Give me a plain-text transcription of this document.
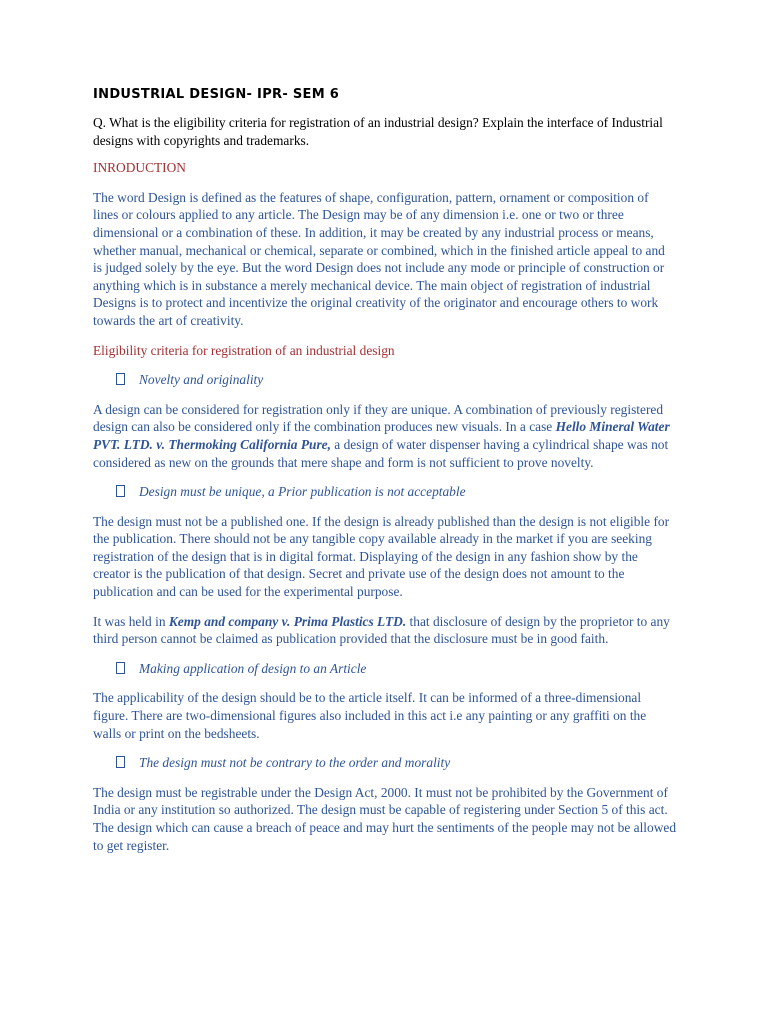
INDUSTRIAL DESIGN- IPR- SEM 6

Q. What is the eligibility criteria for registration of an industrial design? Explain the interface of Industrial designs with copyrights and trademarks.

INRODUCTION

The word Design is defined as the features of shape, configuration, pattern, ornament or composition of lines or colours applied to any article. The Design may be of any dimension i.e. one or two or three dimensional or a combination of these. In addition, it may be created by any industrial process or means, whether manual, mechanical or chemical, separate or combined, which in the finished article appeal to and is judged solely by the eye. But the word Design does not include any mode or principle of construction or anything which is in substance a merely mechanical device. The main object of registration of industrial Designs is to protect and incentivize the original creativity of the originator and encourage others to work towards the art of creativity.

Eligibility criteria for registration of an industrial design

Novelty and originality

A design can be considered for registration only if they are unique. A combination of previously registered design can also be considered only if the combination produces new visuals. In a case Hello Mineral Water PVT. LTD. v. Thermoking California Pure, a design of water dispenser having a cylindrical shape was not considered as new on the grounds that mere shape and form is not sufficient to prove novelty.

Design must be unique, a Prior publication is not acceptable

The design must not be a published one. If the design is already published than the design is not eligible for the publication. There should not be any tangible copy available already in the market if you are seeking registration of the design that is in digital format. Displaying of the design in any fashion show by the creator is the publication of that design. Secret and private use of the design does not amount to the publication and can be used for the experimental purpose.

It was held in Kemp and company v. Prima Plastics LTD. that disclosure of design by the proprietor to any third person cannot be claimed as publication provided that the disclosure must be in good faith.

Making application of design to an Article

The applicability of the design should be to the article itself. It can be informed of a three-dimensional figure. There are two-dimensional figures also included in this act i.e any painting or any graffiti on the walls or print on the bedsheets.

The design must not be contrary to the order and morality

The design must be registrable under the Design Act, 2000. It must not be prohibited by the Government of India or any institution so authorized. The design must be capable of registering under Section 5 of this act. The design which can cause a breach of peace and may hurt the sentiments of the people may not be allowed to get register.
